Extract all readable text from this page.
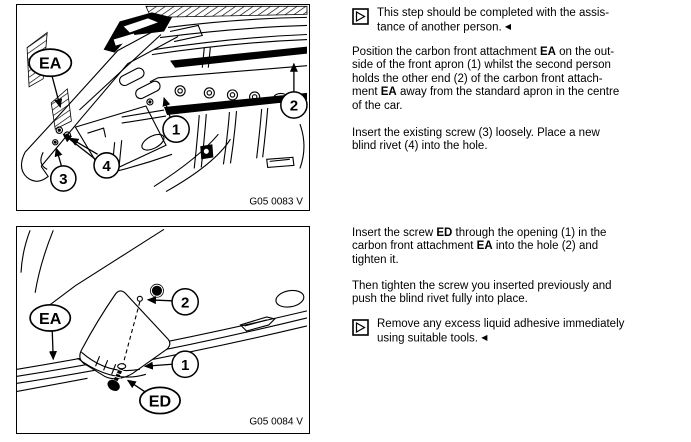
EA
1
2
3
4
G05 0083 V
EA
2
1
ED
G05 0084 V
This step should be completed with the assis-
tance of another person. ◀
Position the carbon front attachment EA on the out-
side of the front apron (1) whilst the second person
holds the other end (2) of the carbon front attach-
ment EA away from the standard apron in the centre
of the car.
Insert the existing screw (3) loosely. Place a new
blind rivet (4) into the hole.
Insert the screw ED through the opening (1) in the
carbon front attachment EA into the hole (2) and
tighten it.
Then tighten the screw you inserted previously and
push the blind rivet fully into place.
Remove any excess liquid adhesive immediately
using suitable tools. ◀
